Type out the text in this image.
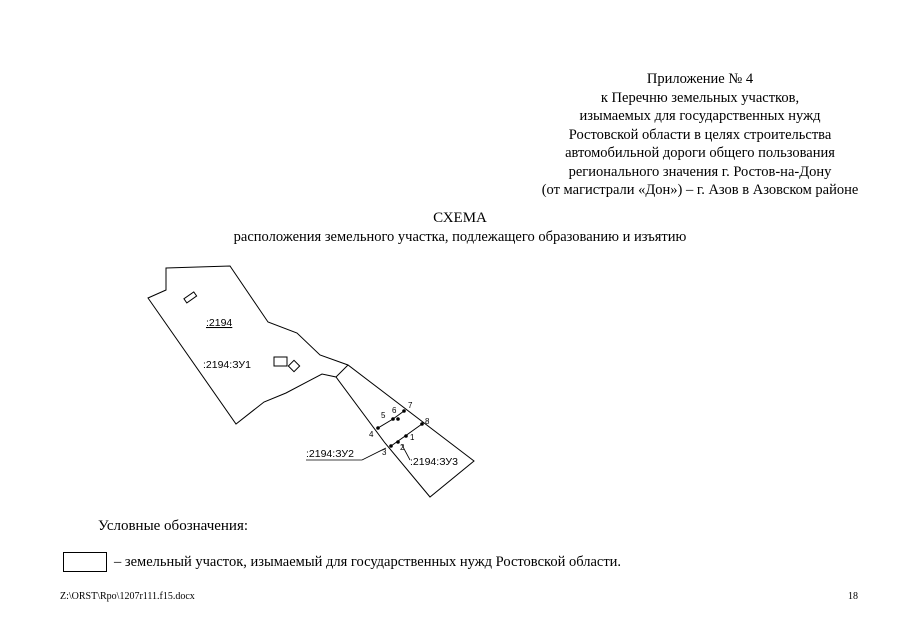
Приложение № 4
к Перечню земельных участков,
изымаемых для государственных нужд
Ростовской области в целях строительства
автомобильной дороги общего пользования
регионального значения г. Ростов-на-Дону
(от магистрали «Дон») – г. Азов в Азовском районе
СХЕМА
расположения земельного участка, подлежащего образованию и изъятию
:2194
:2194:ЗУ1
:2194:ЗУ2
:2194:ЗУ3
1
2
3
4
5
6
7
8
Условные обозначения:
– земельный участок, изымаемый для государственных нужд Ростовской области.
Z:\ORST\Rpo\1207r111.f15.docx	18
